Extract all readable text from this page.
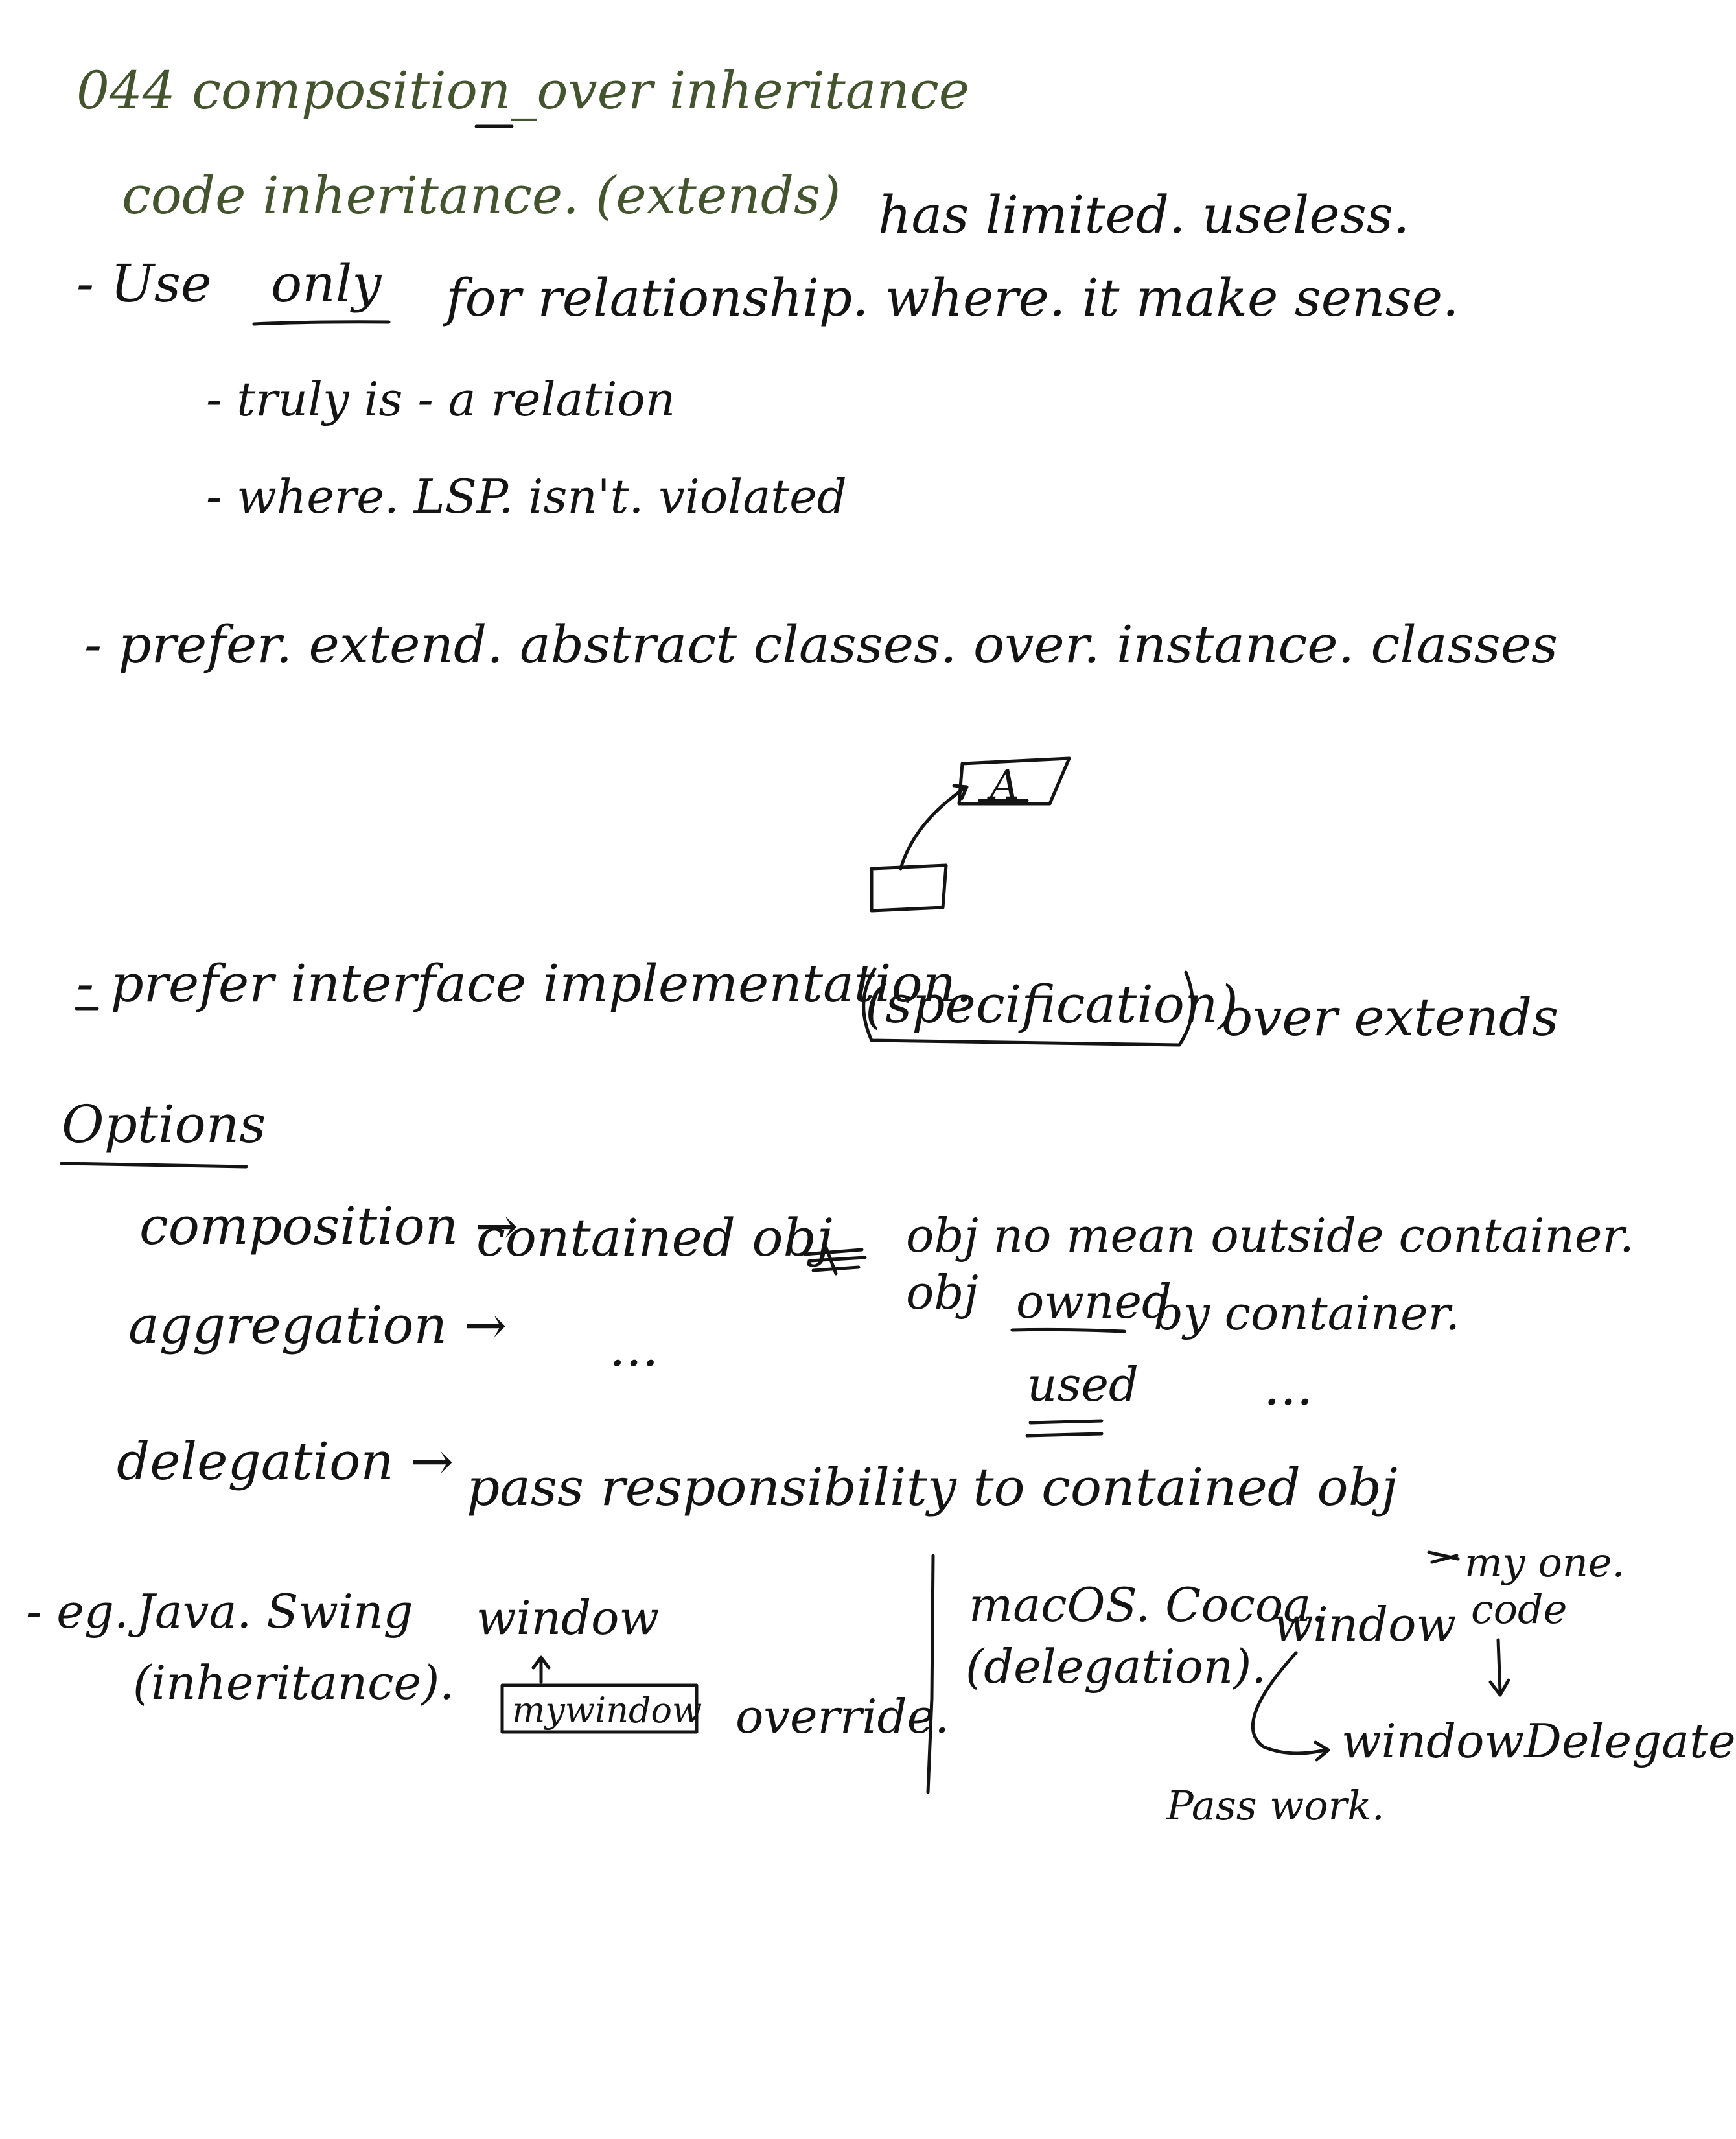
044 composition_over inheritance
code inheritance. (extends) has limited. useless.
- Use only for relationship. where. it make sense.
- truly is - a relation
- where. LSP. isn't. violated
- prefer. extend. abstract classes. over. instance. classes
A
- prefer interface implementation.
(specification)
over extends
Options
composition →
contained obj obj no mean outside container.
obj owned
by container.
aggregation → ...
used ...
delegation → pass responsibility to contained obj
- eg. Java. Swing
(inheritance).
window
mywindow override.
macOS. Cocoa.
(delegation).
window
my one.
code
windowDelegate
Pass work.
